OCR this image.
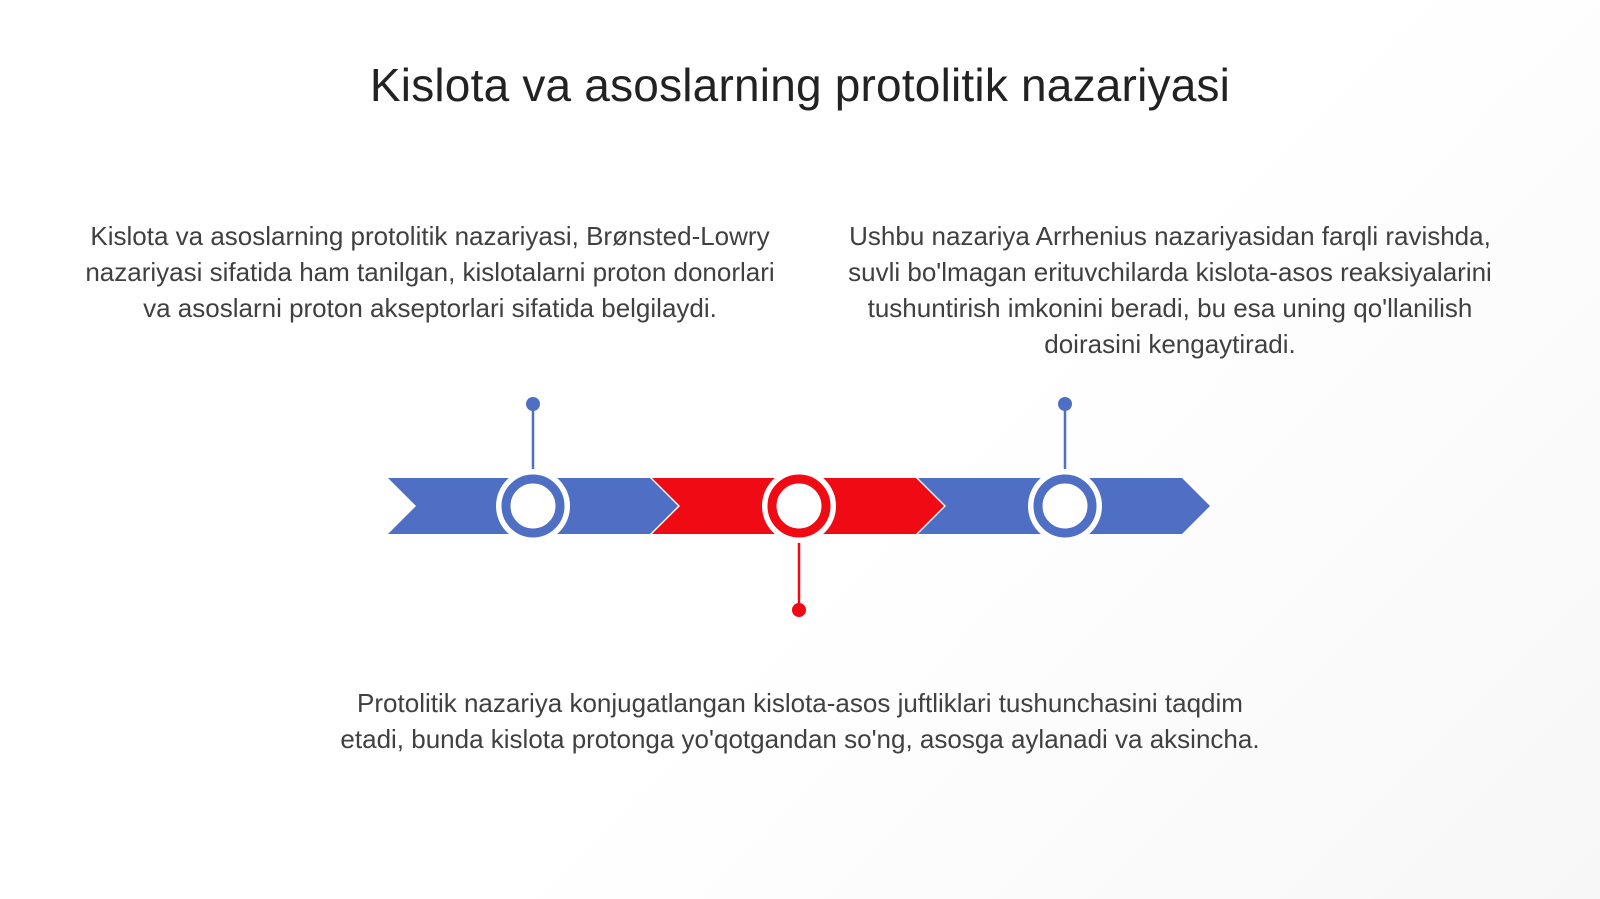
Kislota va asoslarning protolitik nazariyasi
Kislota va asoslarning protolitik nazariyasi, Brønsted-Lowry nazariyasi sifatida ham tanilgan, kislotalarni proton donorlari va asoslarni proton akseptorlari sifatida belgilaydi.
Ushbu nazariya Arrhenius nazariyasidan farqli ravishda, suvli bo'lmagan erituvchilarda kislota-asos reaksiyalarini tushuntirish imkonini beradi, bu esa uning qo'llanilish doirasini kengaytiradi.
Protolitik nazariya konjugatlangan kislota-asos juftliklari tushunchasini taqdim etadi, bunda kislota protonga yo'qotgandan so'ng, asosga aylanadi va aksincha.
